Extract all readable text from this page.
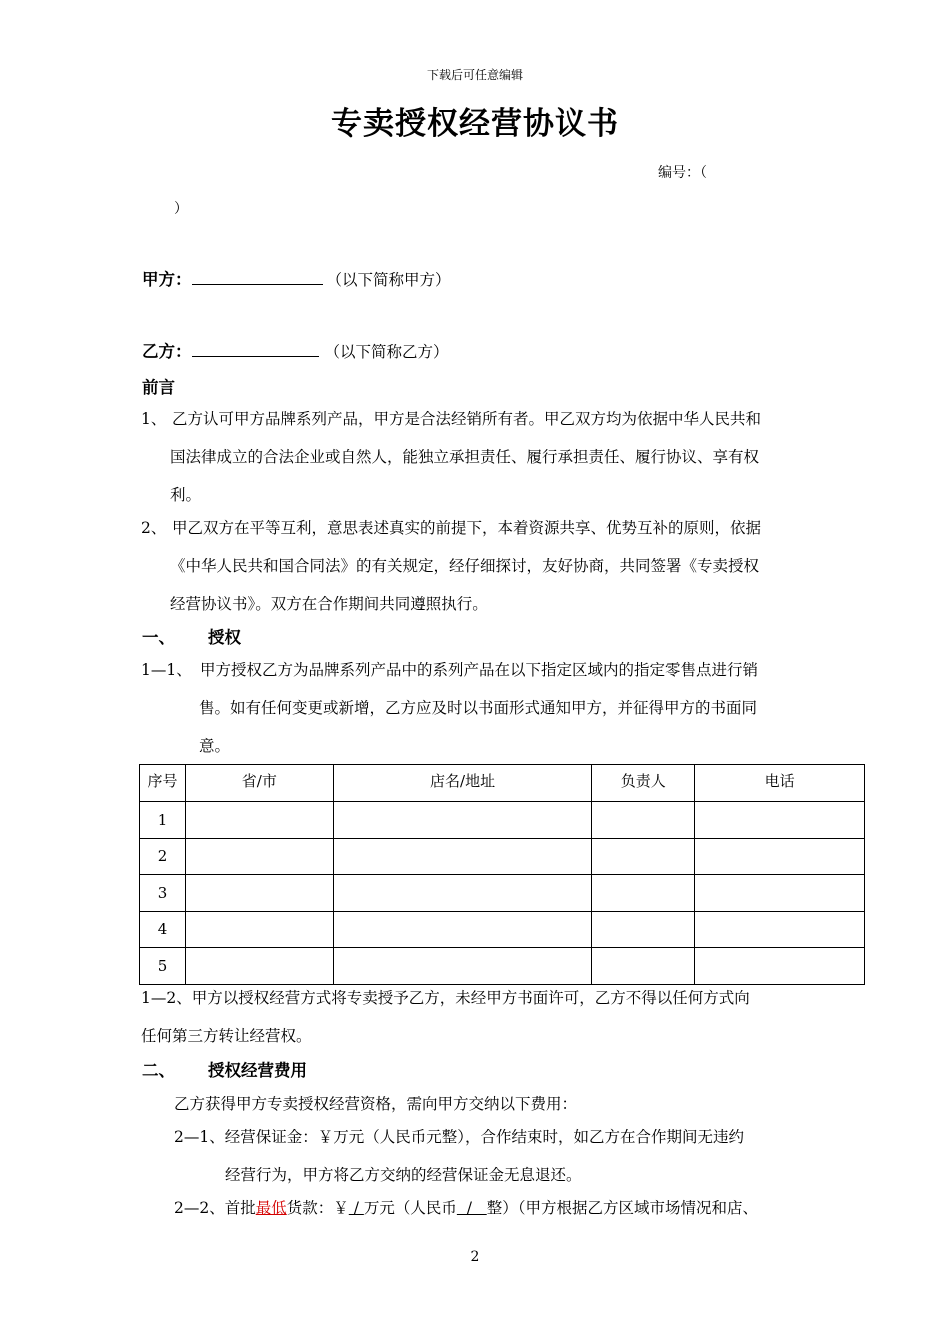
下载后可任意编辑
专卖授权经营协议书
编号：（
）
甲方：	（以下简称甲方）
乙方：	（以下简称乙方）
前言
1、 乙方认可甲方品牌系列产品，甲方是合法经销所有者。甲乙双方均为依据中华人民共和
国法律成立的合法企业或自然人，能独立承担责任、履行承担责任、履行协议、享有权
利。
2、 甲乙双方在平等互利，意思表述真实的前提下，本着资源共享、优势互补的原则，依据
《中华人民共和国合同法》的有关规定，经仔细探讨，友好协商，共同签署《专卖授权
经营协议书》。双方在合作期间共同遵照执行。
一、 授权
1—1、 甲方授权乙方为品牌系列产品中的系列产品在以下指定区域内的指定零售点进行销
售。如有任何变更或新增，乙方应及时以书面形式通知甲方，并征得甲方的书面同
意。
序号	省/市	店名/地址	负责人	电话
1				
2				
3				
4				
5				
1—2、甲方以授权经营方式将专卖授予乙方，未经甲方书面许可，乙方不得以任何方式向
任何第三方转让经营权。
二、 授权经营费用
乙方获得甲方专卖授权经营资格，需向甲方交纳以下费用：
2—1、经营保证金：￥万元（人民币元整），合作结束时，如乙方在合作期间无违约
经营行为，甲方将乙方交纳的经营保证金无息退还。
2—2、首批最低货款：￥ / 万元（人民币  /   整）（甲方根据乙方区域市场情况和店、
2
